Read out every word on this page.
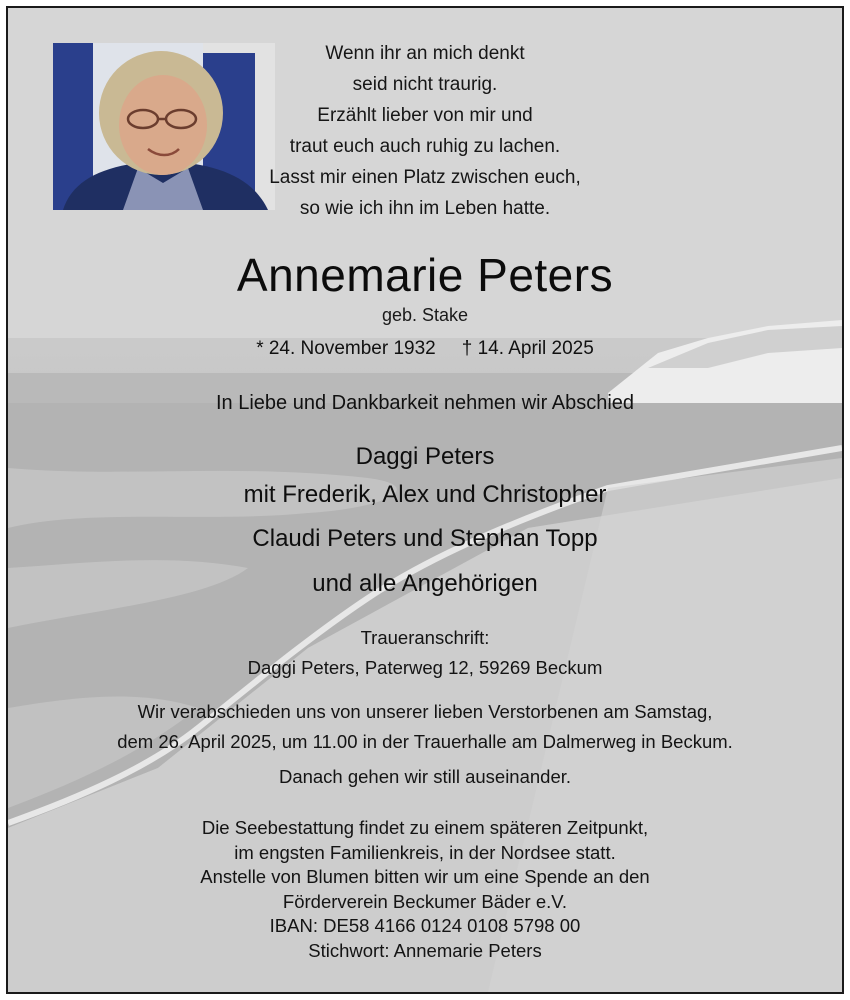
Wenn ihr an mich denkt
seid nicht traurig.
Erzählt lieber von mir und
traut euch auch ruhig zu lachen.
Lasst mir einen Platz zwischen euch,
so wie ich ihn im Leben hatte.
Annemarie Peters
geb. Stake
* 24. November 1932 † 14. April 2025
In Liebe und Dankbarkeit nehmen wir Abschied
Daggi Peters
mit Frederik, Alex und Christopher
Claudi Peters und Stephan Topp
und alle Angehörigen
Traueranschrift:
Daggi Peters, Paterweg 12, 59269 Beckum
Wir verabschieden uns von unserer lieben Verstorbenen am Samstag,
dem 26. April 2025, um 11.00 in der Trauerhalle am Dalmerweg in Beckum.
Danach gehen wir still auseinander.
Die Seebestattung findet zu einem späteren Zeitpunkt,
im engsten Familienkreis, in der Nordsee statt.
Anstelle von Blumen bitten wir um eine Spende an den
Förderverein Beckumer Bäder e.V.
IBAN: DE58 4166 0124 0108 5798 00
Stichwort: Annemarie Peters
